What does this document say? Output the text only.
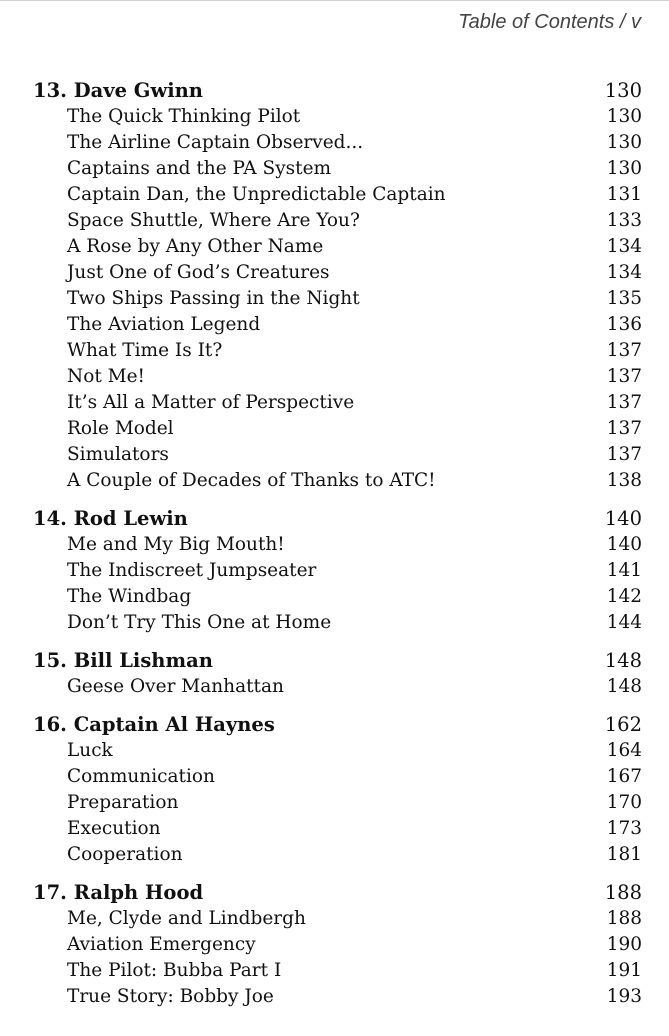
Table of Contents / v
13. Dave Gwinn	130
The Quick Thinking Pilot	130
The Airline Captain Observed...	130
Captains and the PA System	130
Captain Dan, the Unpredictable Captain	131
Space Shuttle, Where Are You?	133
A Rose by Any Other Name	134
Just One of God’s Creatures	134
Two Ships Passing in the Night	135
The Aviation Legend	136
What Time Is It?	137
Not Me!	137
It’s All a Matter of Perspective	137
Role Model	137
Simulators	137
A Couple of Decades of Thanks to ATC!	138
14. Rod Lewin	140
Me and My Big Mouth!	140
The Indiscreet Jumpseater	141
The Windbag	142
Don’t Try This One at Home	144
15. Bill Lishman	148
Geese Over Manhattan	148
16. Captain Al Haynes	162
Luck	164
Communication	167
Preparation	170
Execution	173
Cooperation	181
17. Ralph Hood	188
Me, Clyde and Lindbergh	188
Aviation Emergency	190
The Pilot: Bubba Part I	191
True Story: Bobby Joe	193
